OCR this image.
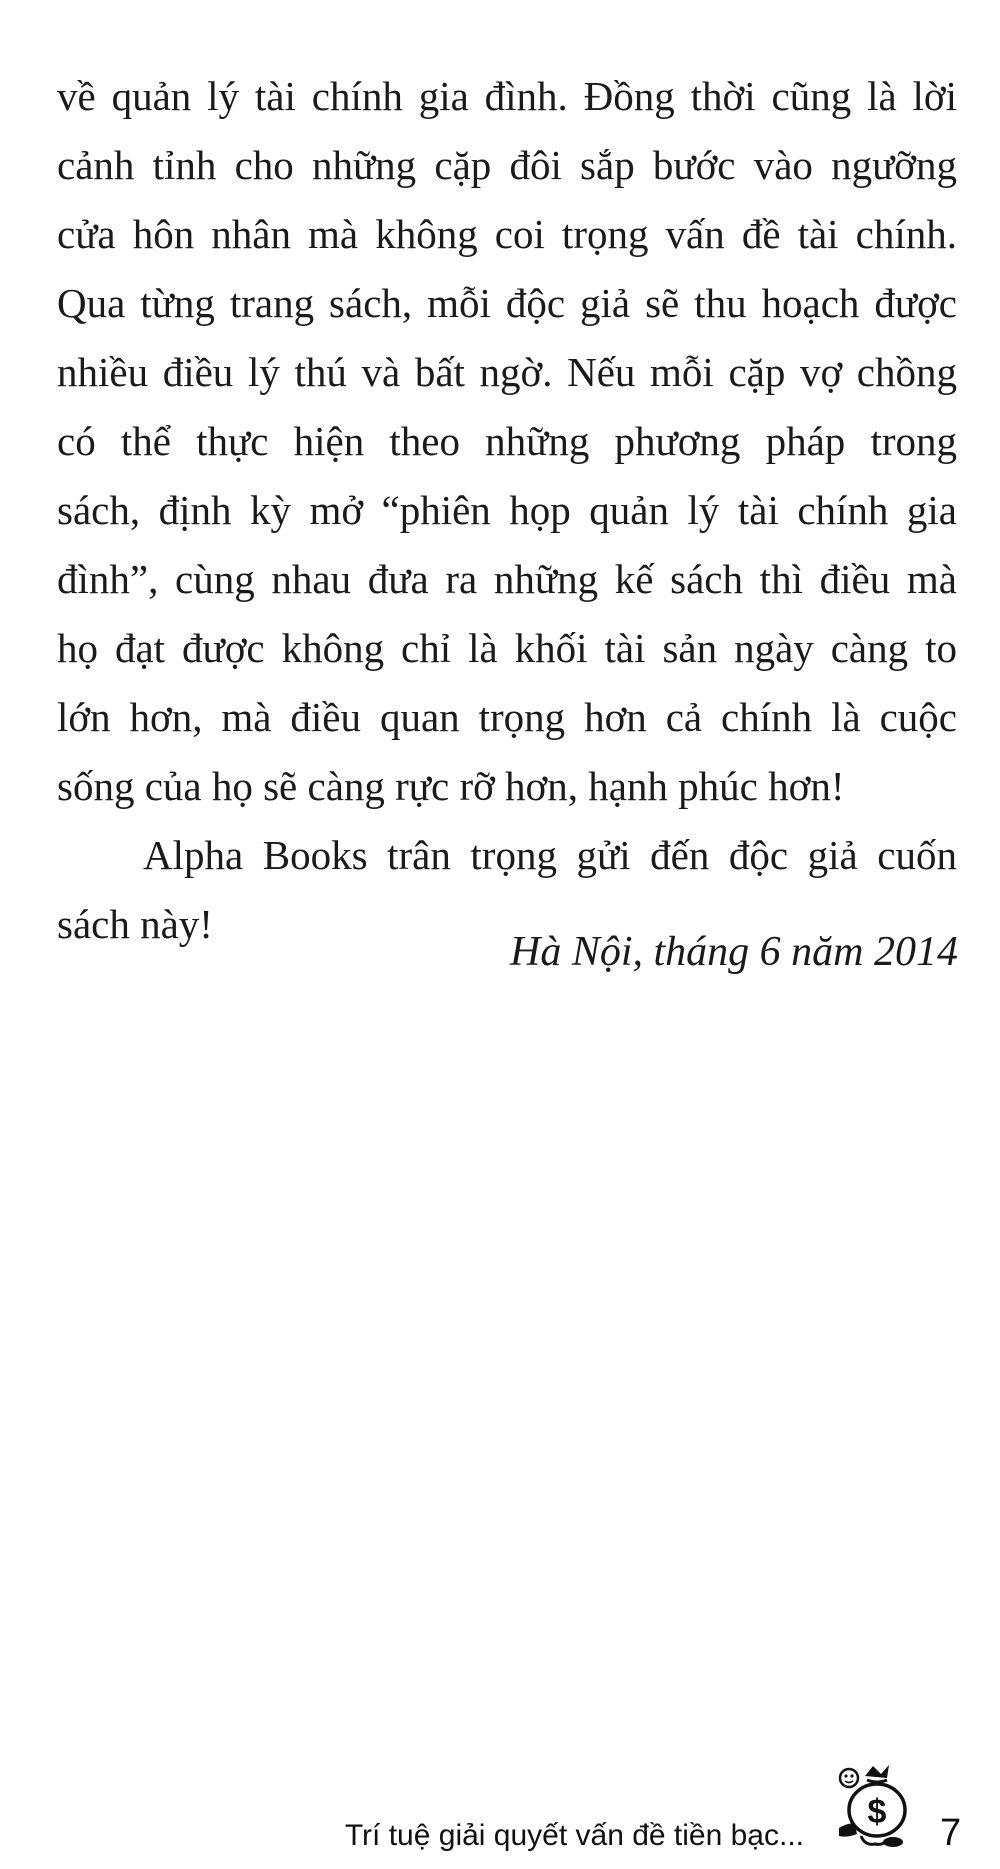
về quản lý tài chính gia đình. Đồng thời cũng là lời
cảnh tỉnh cho những cặp đôi sắp bước vào ngưỡng
cửa hôn nhân mà không coi trọng vấn đề tài chính.
Qua từng trang sách, mỗi độc giả sẽ thu hoạch được
nhiều điều lý thú và bất ngờ. Nếu mỗi cặp vợ chồng
có thể thực hiện theo những phương pháp trong
sách, định kỳ mở “phiên họp quản lý tài chính gia
đình”, cùng nhau đưa ra những kế sách thì điều mà
họ đạt được không chỉ là khối tài sản ngày càng to
lớn hơn, mà điều quan trọng hơn cả chính là cuộc
sống của họ sẽ càng rực rỡ hơn, hạnh phúc hơn!

Alpha Books trân trọng gửi đến độc giả cuốn
sách này!

Hà Nội, tháng 6 năm 2014
Trí tuệ giải quyết vấn đề tiền bạc...
$ 7
